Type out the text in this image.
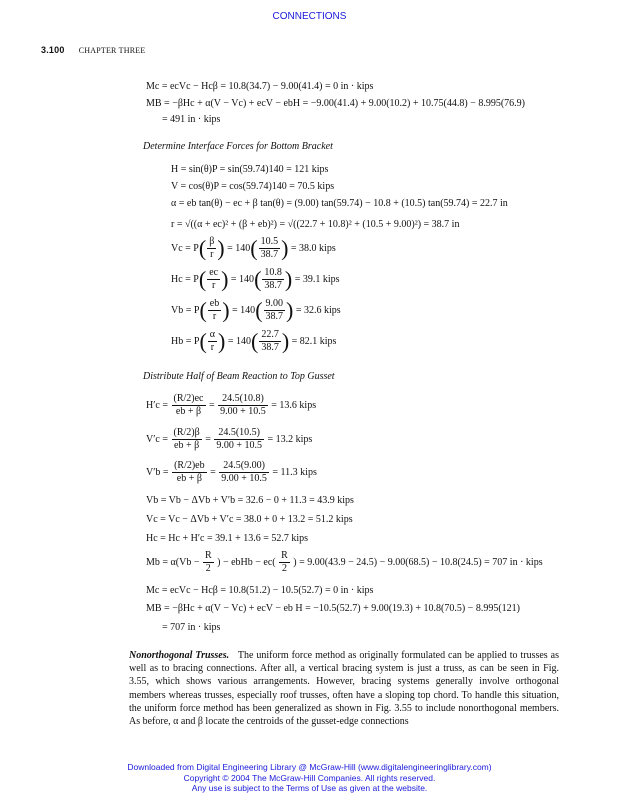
CONNECTIONS
3.100 CHAPTER THREE
Mc = ecVc − Hcβ = 10.8(34.7) − 9.00(41.4) = 0 in · kips
MB = −βHc + α(V − Vc) + ecV − ebH = −9.00(41.4) + 9.00(10.2) + 10.75(44.8) − 8.995(76.9)
= 491 in · kips
Determine Interface Forces for Bottom Bracket
H = sin(θ)P = sin(59.74)140 = 121 kips
V = cos(θ)P = cos(59.74)140 = 70.5 kips
α = eb tan(θ) − ec + β tan(θ) = (9.00) tan(59.74) − 10.8 + (10.5) tan(59.74) = 22.7 in
r = √((α + ec)² + (β + eb)²) = √((22.7 + 10.8)² + (10.5 + 9.00)²) = 38.7 in
$Vc = P( \frac{\beta}{r}$ ) = $140( \frac{10.5}{38.7}$ ) = 38.0 kips
$Hc = P( \frac{ec}{r}$ ) = $140( \frac{10.8}{38.7}$ ) = 39.1 kips
$Vb = P( \frac{eb}{r}$ ) = $140( \frac{9.00}{38.7}$ ) = 32.6 kips
$Hb = P( \frac{\alpha}{r}$ ) = $140( \frac{22.7}{38.7}$ ) = 82.1 kips
Distribute Half of Beam Reaction to Top Gusset
$H'c = \frac{(R/2)ec}{eb + \beta} = \frac{24.5(10.8)}{9.00 + 10.5} = 13.6$ kips
$V'c = \frac{(R/2)\beta}{eb + \beta} = \frac{24.5(10.5)}{9.00 + 10.5} = 13.2$ kips
$V'b = \frac{(R/2)eb}{eb + \beta} = \frac{24.5(9.00)}{9.00 + 10.5} = 11.3$ kips
Vb = Vb − ΔVb + V′b = 32.6 − 0 + 11.3 = 43.9 kips
Vc = Vc − ΔVb + V′c = 38.0 + 0 + 13.2 = 51.2 kips
Hc = Hc + H′c = 39.1 + 13.6 = 52.7 kips
$Mb = \alpha(Vb - \frac{R}{2}$ ) − ebHb − $ec( \frac{R}{2}$ ) = 9.00(43.9 − 24.5) − 9.00(68.5) − 10.8(24.5) = 707 in · kips
Mc = ecVc − Hcβ = 10.8(51.2) − 10.5(52.7) = 0 in · kips
MB = −βHc + α(V − Vc) + ecV − eb H = −10.5(52.7) + 9.00(19.3) + 10.8(70.5) − 8.995(121)
= 707 in · kips
Nonorthogonal Trusses. The uniform force method as originally formulated can be applied to trusses as well as to bracing connections. After all, a vertical bracing system is just a truss, as can be seen in Fig. 3.55, which shows various arrangements. However, bracing systems generally involve orthogonal members whereas trusses, especially roof trusses, often have a sloping top chord. To handle this situation, the uniform force method has been generalized as shown in Fig. 3.55 to include nonorthogonal members. As before, α and β locate the centroids of the gusset-edge connections
Downloaded from Digital Engineering Library @ McGraw-Hill (www.digitalengineeringlibrary.com)
Copyright © 2004 The McGraw-Hill Companies. All rights reserved.
Any use is subject to the Terms of Use as given at the website.
